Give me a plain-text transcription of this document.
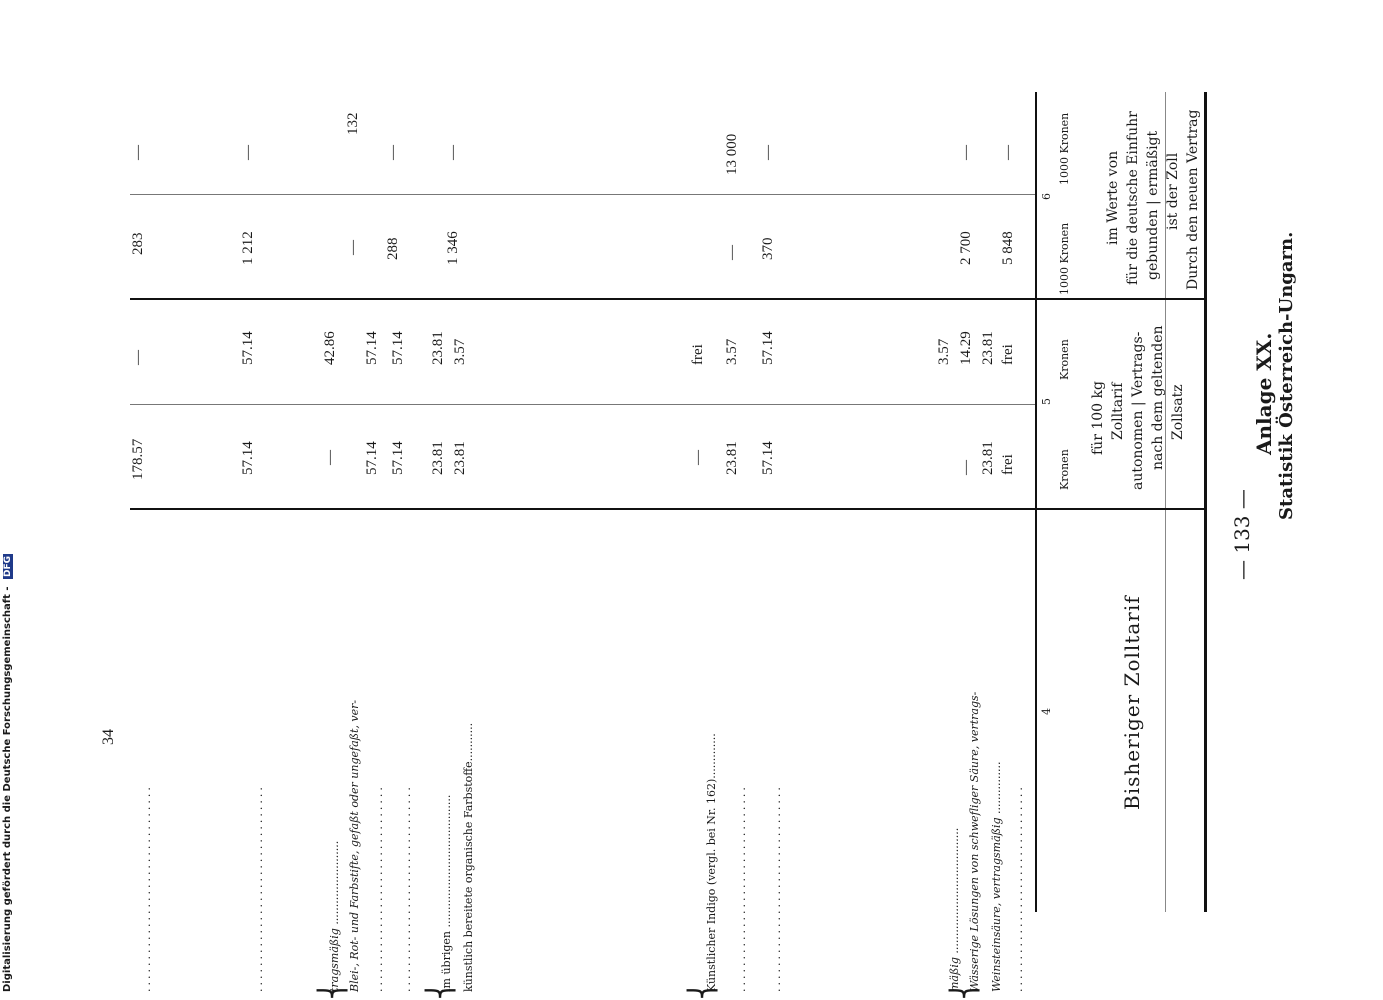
Anlage XX. Statistik Österreich-Ungarn.
— 133 —
Bisheriger Zolltarif
4
Zollsatz
nach dem geltenden
autonomen | Vertrags-
Zolltarif
für 100 kg
Kronen
Kronen
5
Durch den neuen Vertrag
ist der Zoll
gebunden | ermäßigt
für die deutsche Einfuhr
im Werte von
1000 Kronen
1000 Kronen
6
................................
Weinsteinsäure, vertragsmäßig ...............
Wässerige Lösungen von schwefliger Säure, vertrags-
mäßig ....................................
................................
................................
Künstlicher Indigo (vergl. bei Nr. 162).............
künstlich bereitete organische Farbstoffe...........
im übrigen ......................................
................................
................................
Blei-, Rot- und Farbstifte, gefaßt oder ungefaßt, ver-
tragsmäßig ........................
................................
................................
frei
frei
5 848
—
23.81
23.81
—
14.29
2 700
—
3.57
57.14
57.14
370
—
23.81
3.57
—
13 000
—
frei
23.81
3.57
1 346
—
23.81
23.81
57.14
57.14
288
—
57.14
57.14
—
42.86
—
132
57.14
57.14
1 212
—
178.57
—
283
—
⎨
⎨
⎨
⎨
34
Digitalisierung gefördert durch die Deutsche Forschungsgemeinschaft - DFG
